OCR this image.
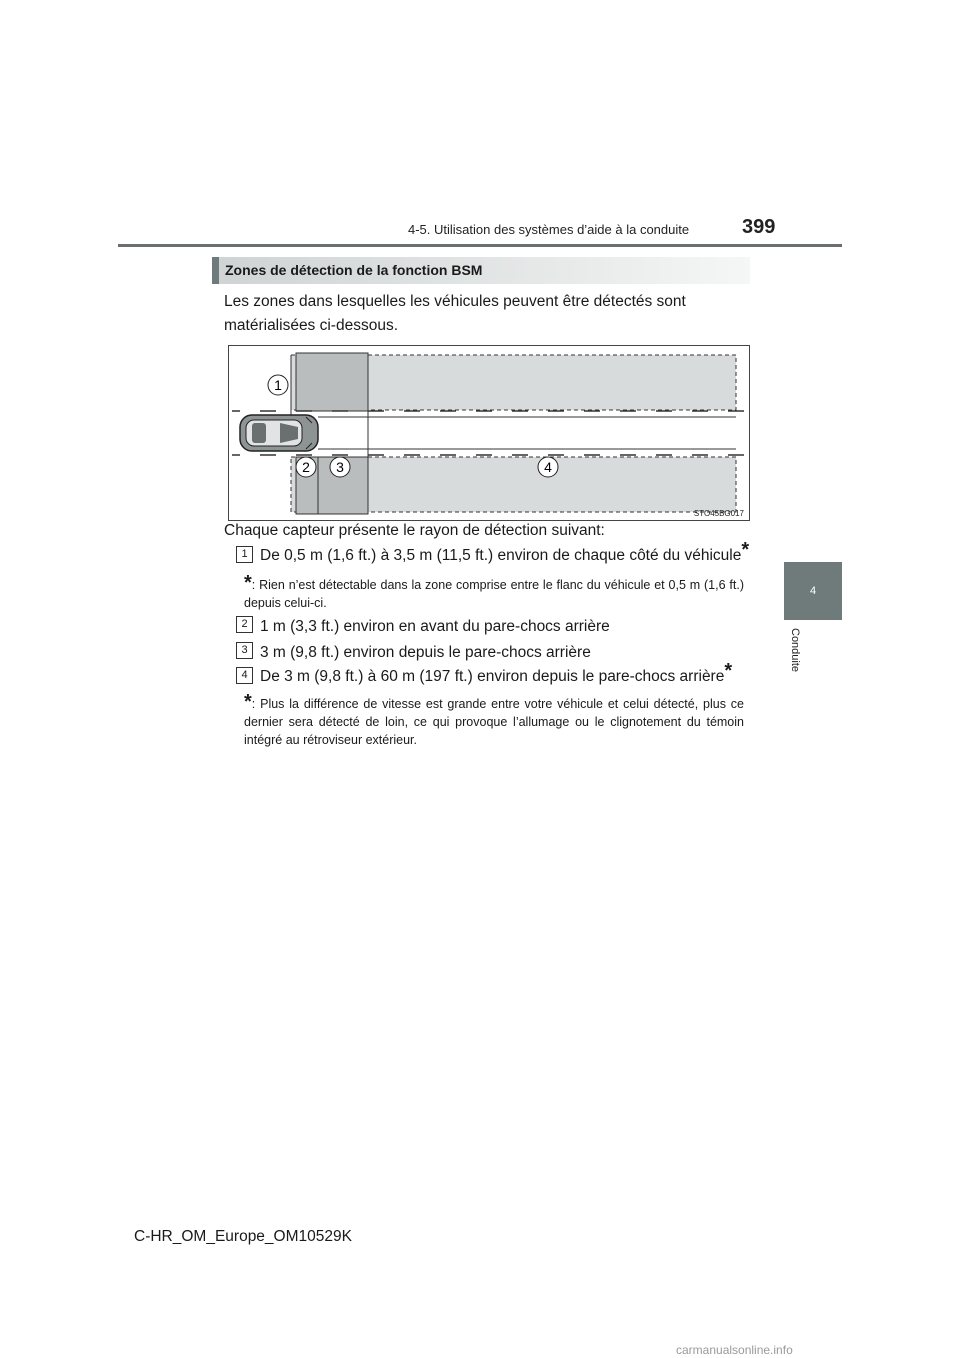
4-5. Utilisation des systèmes d’aide à la conduite	399
4
Conduite
Zones de détection de la fonction BSM
Les zones dans lesquelles les véhicules peuvent être détectés sont
matérialisées ci-dessous.
1
2 3	4
STO45BG017
Chaque capteur présente le rayon de détection suivant:
1 De 0,5 m (1,6 ft.) à 3,5 m (11,5 ft.) environ de chaque côté du véhicule*
*: Rien n’est détectable dans la zone comprise entre le flanc du véhicule et 0,5 m (1,6 ft.) depuis celui-ci.
2 1 m (3,3 ft.) environ en avant du pare-chocs arrière
3 3 m (9,8 ft.) environ depuis le pare-chocs arrière
4 De 3 m (9,8 ft.) à 60 m (197 ft.) environ depuis le pare-chocs arrière*
*: Plus la différence de vitesse est grande entre votre véhicule et celui détecté, plus ce dernier sera détecté de loin, ce qui provoque l’allumage ou le clignotement du témoin intégré au rétroviseur extérieur.
C-HR_OM_Europe_OM10529K
carmanualsonline.info
